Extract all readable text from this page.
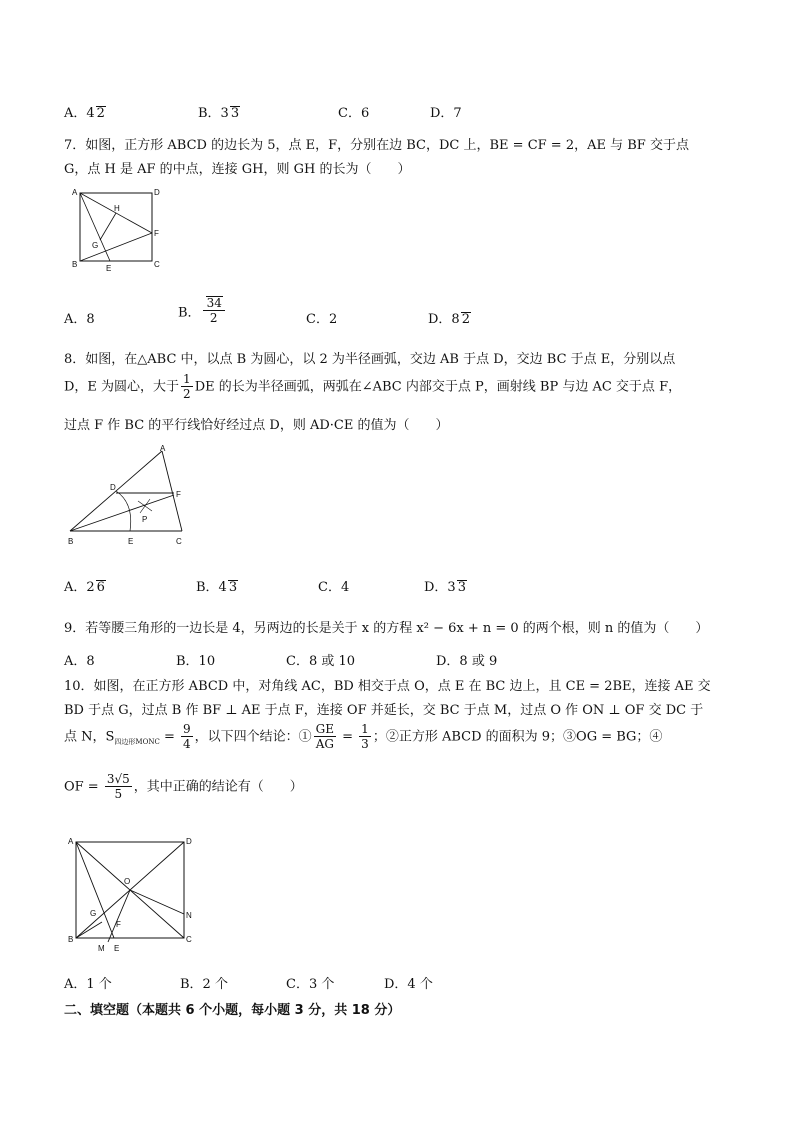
A．4 2	B．3 3	C．6	D．7
7．如图，正方形 ABCD 的边长为 5，点 E，F，分别在边 BC，DC 上，BE = CF = 2，AE 与 BF 交于点
G，点 H 是 AF 的中点，连接 GH，则 GH 的长为（　　）
A	D
H
F
G
B	E	C
A．8	B． $\frac{34}{2}$	C．2	D．8 2
8．如图，在△ABC 中，以点 B 为圆心，以 2 为半径画弧，交边 AB 于点 D，交边 BC 于点 E，分别以点
D，E 为圆心，大于 $\frac{1}{2}$ DE 的长为半径画弧，两弧在∠ABC 内部交于点 P，画射线 BP 与边 AC 交于点 F，
过点 F 作 BC 的平行线恰好经过点 D，则 AD·CE 的值为（　　）
A
D
F
P
B	E	C
A．2 6	B．4 3	C．4	D．3 3
9．若等腰三角形的一边长是 4，另两边的长是关于 x 的方程 x² − 6x + n = 0 的两个根，则 n 的值为（　　）
A．8	B．10	C．8 或 10	D．8 或 9
10．如图，在正方形 ABCD 中，对角线 AC，BD 相交于点 O，点 E 在 BC 边上，且 CE = 2BE，连接 AE 交
BD 于点 G，过点 B 作 BF ⊥ AE 于点 F，连接 OF 并延长，交 BC 于点 M，过点 O 作 ON ⊥ OF 交 DC 于
点 N，$S_{四边形MONC} = \frac{9}{4}$ ，以下四个结论：① $\frac{GE}{AG} = \frac{1}{3}$ ；②正方形 ABCD 的面积为 9；③OG = BG；④
OF = $\frac{3√5}{5}$ ，其中正确的结论有（　　）
A	D
O
G
F
N
B
M E
C
A．1 个	B．2 个	C．3 个	D．4 个
二、填空题（本题共 6 个小题，每小题 3 分，共 18 分）
